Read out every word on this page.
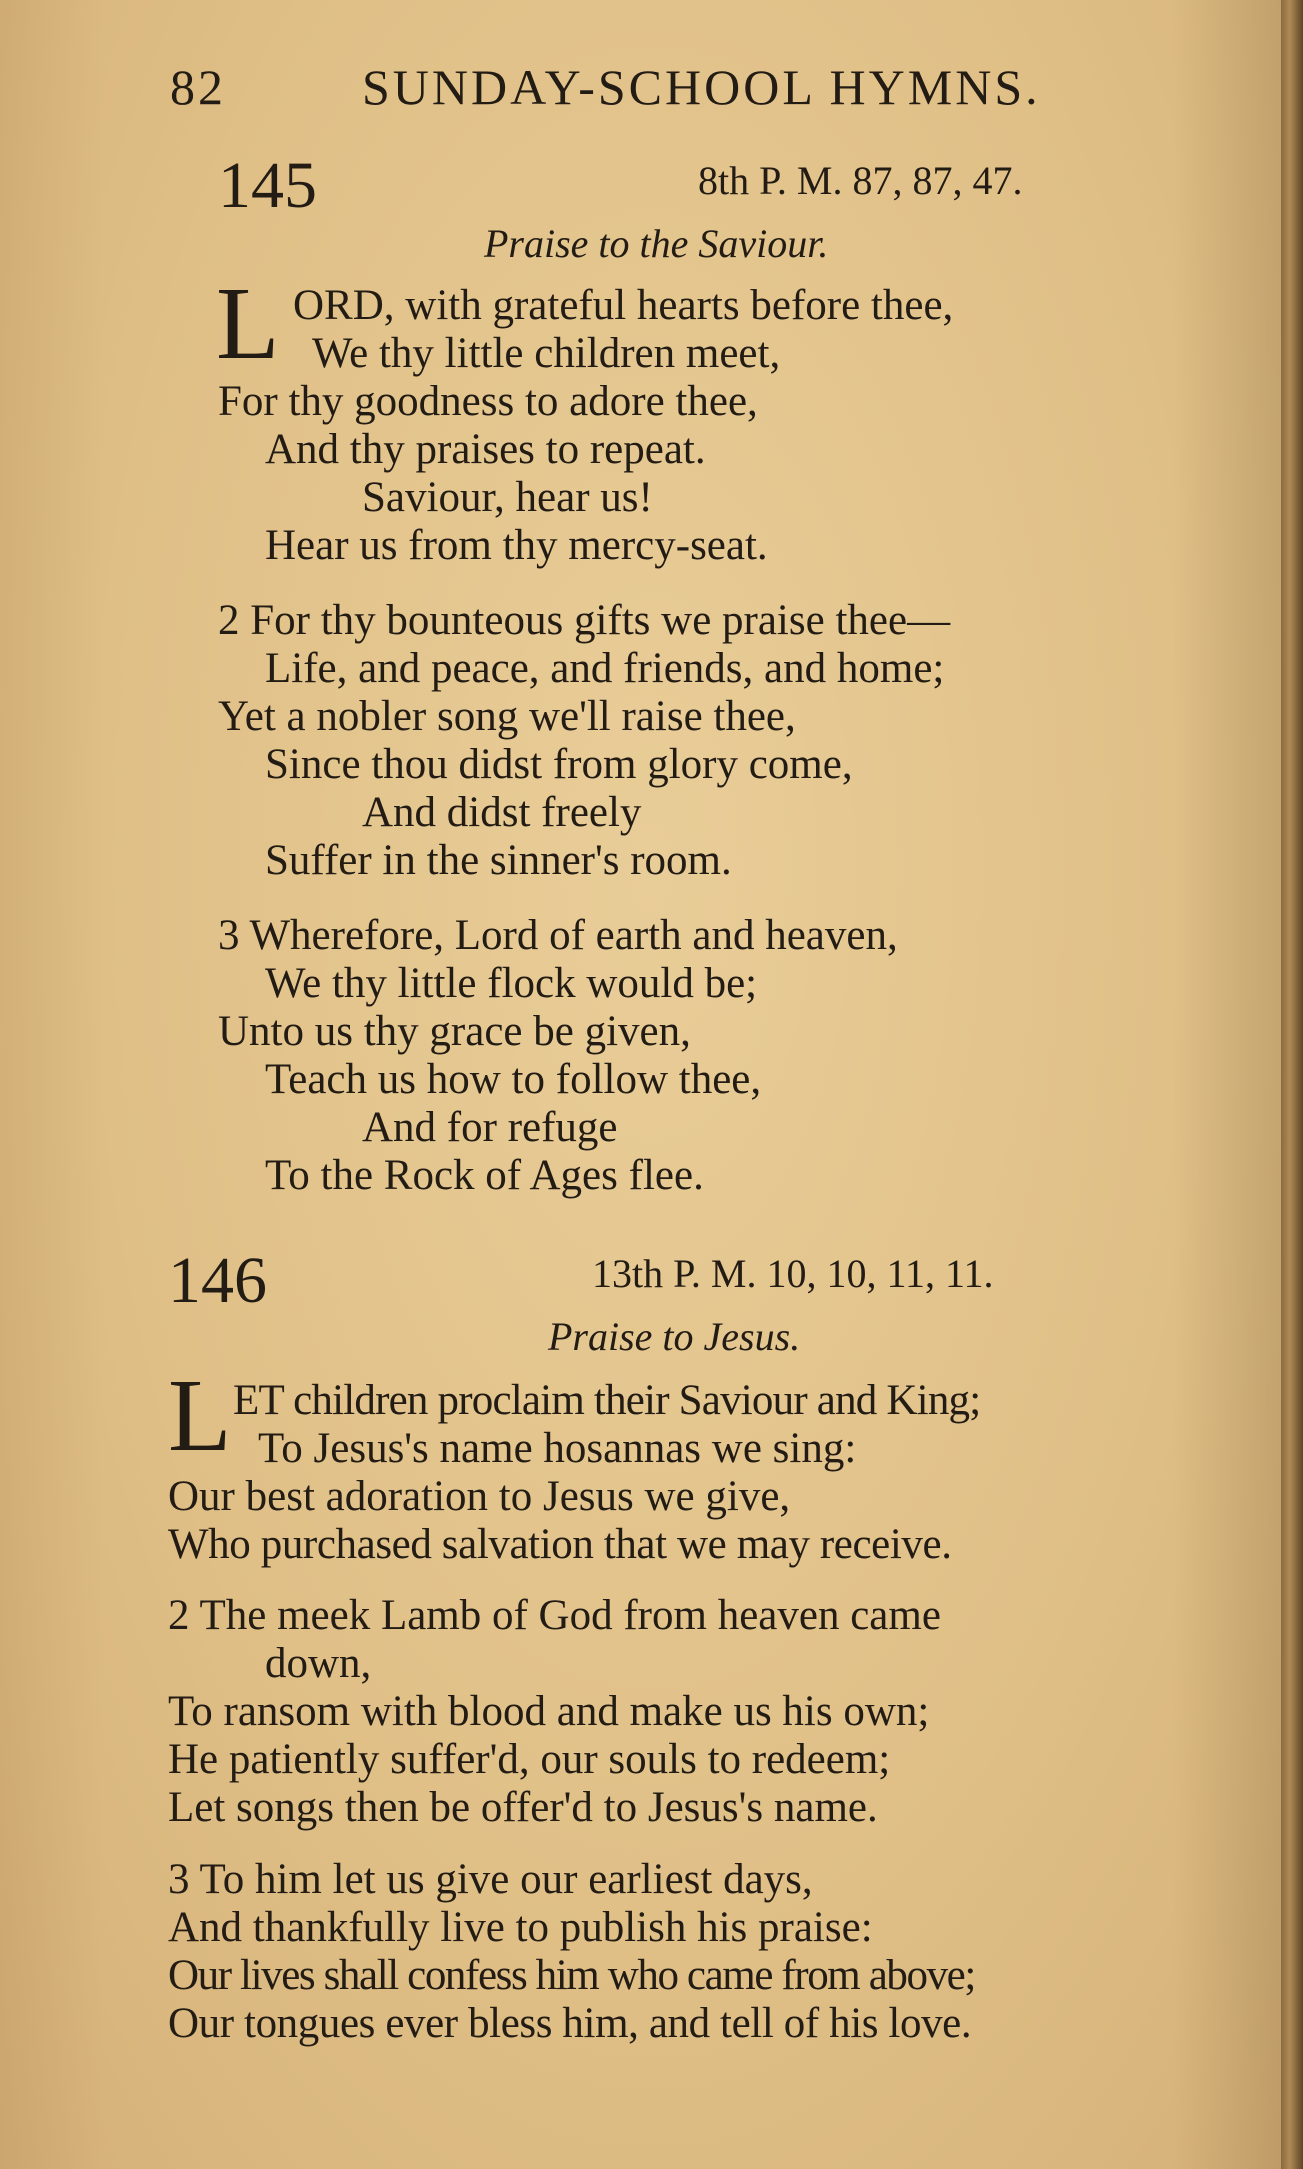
82	SUNDAY-SCHOOL HYMNS.
145	8th P. M. 87, 87, 47.
Praise to the Saviour.
L ORD, with grateful hearts before th͏ee,
We thy little children meet,
For thy goodness to adore thee,
And thy praises to repeat.
Saviour, hear us!
Hear us from thy mercy-seat.
2 For thy bounteous gifts we praise thee—
Life, and peace, and friends, and home;
Yet a nobler song we'll raise thee,
Since thou didst from glory come,
And didst freely
Suffer in the sinner's room.
3 Wherefore, Lord of earth and heaven,
We thy little flock would be;
Unto us thy grace be given,
Teach us how to follow thee,
And for refuge
To the Rock of Ages flee.
146	13th P. M. 10, 10, 11, 11.
Praise to Jesus.
L ET children proclaim their Saviour and King;
To Jesus's name hosannas we sing:
Our best adoration to Jesus we give,
Who purchased salvation that we may receive.
2 The meek Lamb of God from heaven came
down,
To ransom with blood and make us his own;
He patiently suffer'd, our souls to redeem;
Let songs then be offer'd to Jesus's name.
3 To him let us give our earliest days,
And thankfully live to publish his praise:
Our lives shall confess him who came from above;
Our tongues ever bless him, and tell of his love.
